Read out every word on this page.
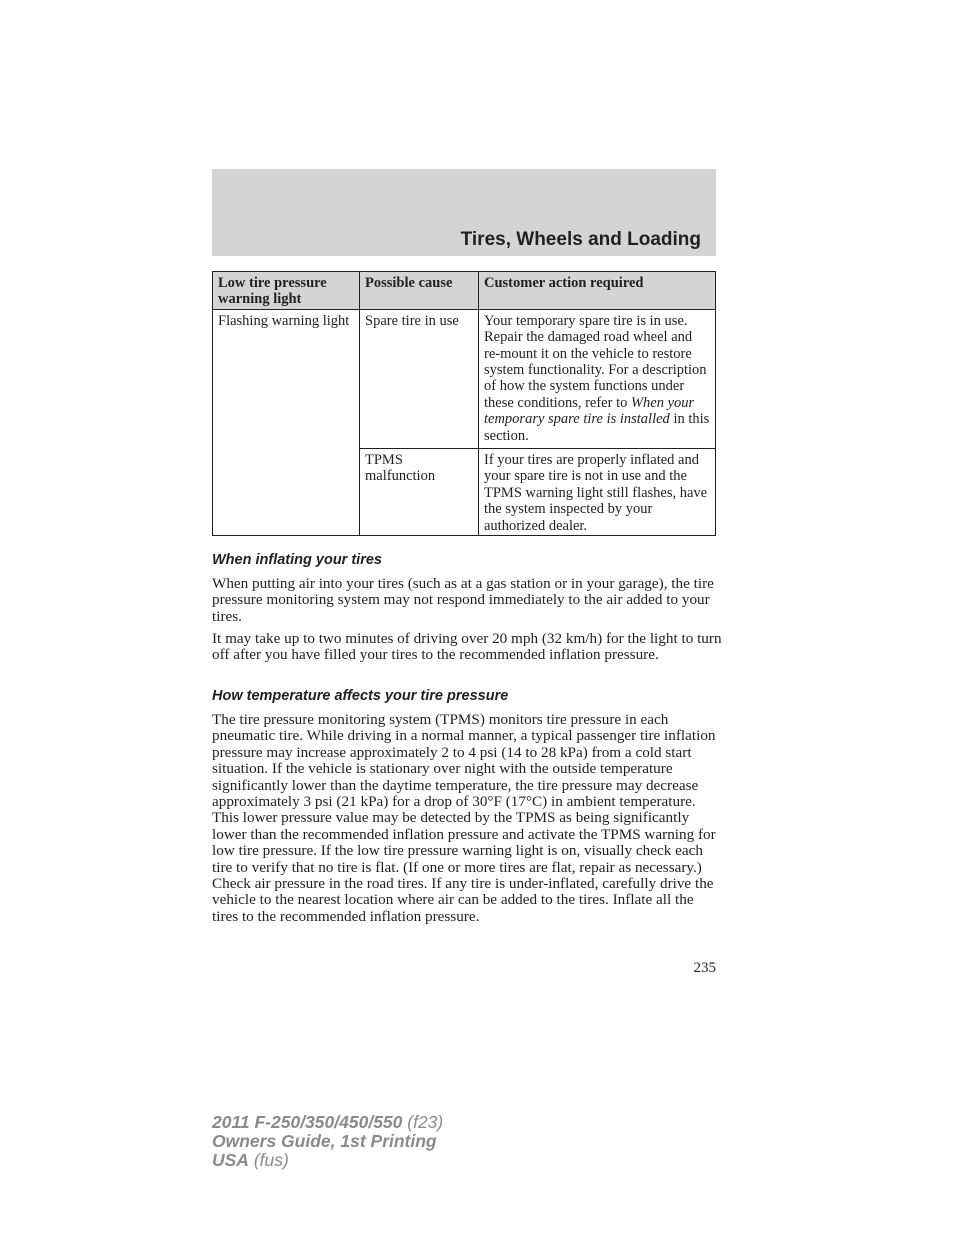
Tires, Wheels and Loading
Low tire pressure warning light	Possible cause	Customer action required
Flashing warning light	Spare tire in use	Your temporary spare tire is in use. Repair the damaged road wheel and re-mount it on the vehicle to restore system functionality. For a description of how the system functions under these conditions, refer to When your temporary spare tire is installed in this section.
	TPMS malfunction	If your tires are properly inflated and your spare tire is not in use and the TPMS warning light still flashes, have the system inspected by your authorized dealer.
When inflating your tires

When putting air into your tires (such as at a gas station or in your garage), the tire pressure monitoring system may not respond immediately to the air added to your tires.

It may take up to two minutes of driving over 20 mph (32 km/h) for the light to turn off after you have filled your tires to the recommended inflation pressure.

How temperature affects your tire pressure

The tire pressure monitoring system (TPMS) monitors tire pressure in each pneumatic tire. While driving in a normal manner, a typical passenger tire inflation pressure may increase approximately 2 to 4 psi (14 to 28 kPa) from a cold start situation. If the vehicle is stationary over night with the outside temperature significantly lower than the daytime temperature, the tire pressure may decrease approximately 3 psi (21 kPa) for a drop of 30°F (17°C) in ambient temperature. This lower pressure value may be detected by the TPMS as being significantly lower than the recommended inflation pressure and activate the TPMS warning for low tire pressure. If the low tire pressure warning light is on, visually check each tire to verify that no tire is flat. (If one or more tires are flat, repair as necessary.) Check air pressure in the road tires. If any tire is under-inflated, carefully drive the vehicle to the nearest location where air can be added to the tires. Inflate all the tires to the recommended inflation pressure.

235
2011 F-250/350/450/550 (f23)
Owners Guide, 1st Printing
USA (fus)
